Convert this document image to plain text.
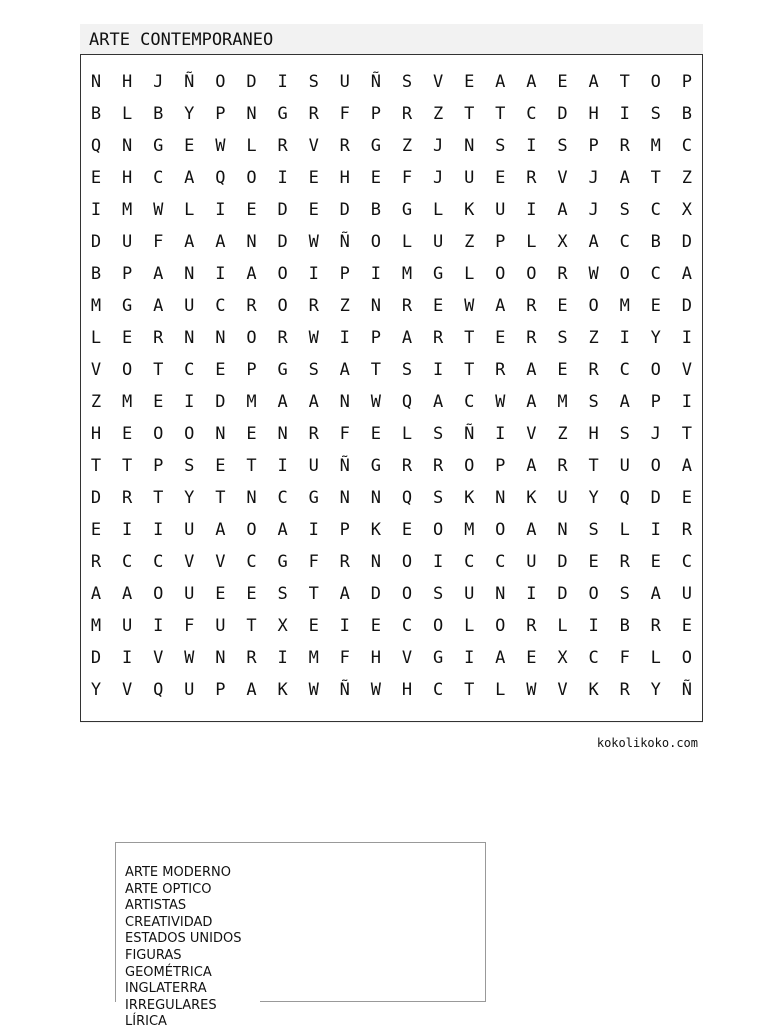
ARTE CONTEMPORANEO
N H J Ñ O D I S U Ñ S V E A A E A T O P
B L B Y P N G R F P R Z T T C D H I S B
Q N G E W L R V R G Z J N S I S P R M C
E H C A Q O I E H E F J U E R V J A T Z
I M W L I E D E D B G L K U I A J S C X
D U F A A N D W Ñ O L U Z P L X A C B D
B P A N I A O I P I M G L O O R W O C A
M G A U C R O R Z N R E W A R E O M E D
L E R N N O R W I P A R T E R S Z I Y I
V O T C E P G S A T S I T R A E R C O V
Z M E I D M A A N W Q A C W A M S A P I
H E O O N E N R F E L S Ñ I V Z H S J T
T T P S E T I U Ñ G R R O P A R T U O A
D R T Y T N C G N N Q S K N K U Y Q D E
E I I U A O A I P K E O M O A N S L I R
R C C V V C G F R N O I C C U D E R E C
A A O U E E S T A D O S U N I D O S A U
M U I F U T X E I E C O L O R L I B R E
D I V W N R I M F H V G I A E X C F L O
Y V Q U P A K W Ñ W H C T L W V K R Y Ñ
kokolikoko.com
ARTE MODERNO
ARTE OPTICO
ARTISTAS
CREATIVIDAD
ESTADOS UNIDOS
FIGURAS
GEOMÉTRICA
INGLATERRA
IRREGULARES
LÍRICA
